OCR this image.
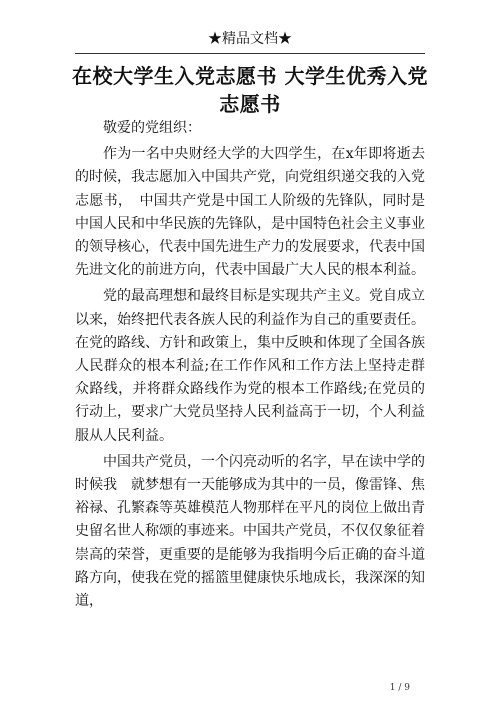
★精品文档★
在校大学生入党志愿书 大学生优秀入党志愿书

敬爱的党组织：

作为一名中央财经大学的大四学生，在x年即将逝去的时候，我志愿加入中国共产党，向党组织递交我的入党志愿书，　中国共产党是中国工人阶级的先锋队，同时是中国人民和中华民族的先锋队，是中国特色社会主义事业的领导核心，代表中国先进生产力的发展要求，代表中国先进文化的前进方向，代表中国最广大人民的根本利益。

党的最高理想和最终目标是实现共产主义。党自成立以来，始终把代表各族人民的利益作为自己的重要责任。在党的路线、方针和政策上，集中反映和体现了全国各族人民群众的根本利益;在工作作风和工作方法上坚持走群众路线，并将群众路线作为党的根本工作路线;在党员的行动上，要求广大党员坚持人民利益高于一切，个人利益服从人民利益。

中国共产党员，一个闪亮动听的名字，早在读中学的时候我　就梦想有一天能够成为其中的一员，像雷锋、焦裕禄、孔繁森等英雄模范人物那样在平凡的岗位上做出青史留名世人称颂的事迹来。中国共产党员，不仅仅象征着崇高的荣誉，更重要的是能够为我指明今后正确的奋斗道路方向，使我在党的摇篮里健康快乐地成长，我深深的知道，

1 / 9
